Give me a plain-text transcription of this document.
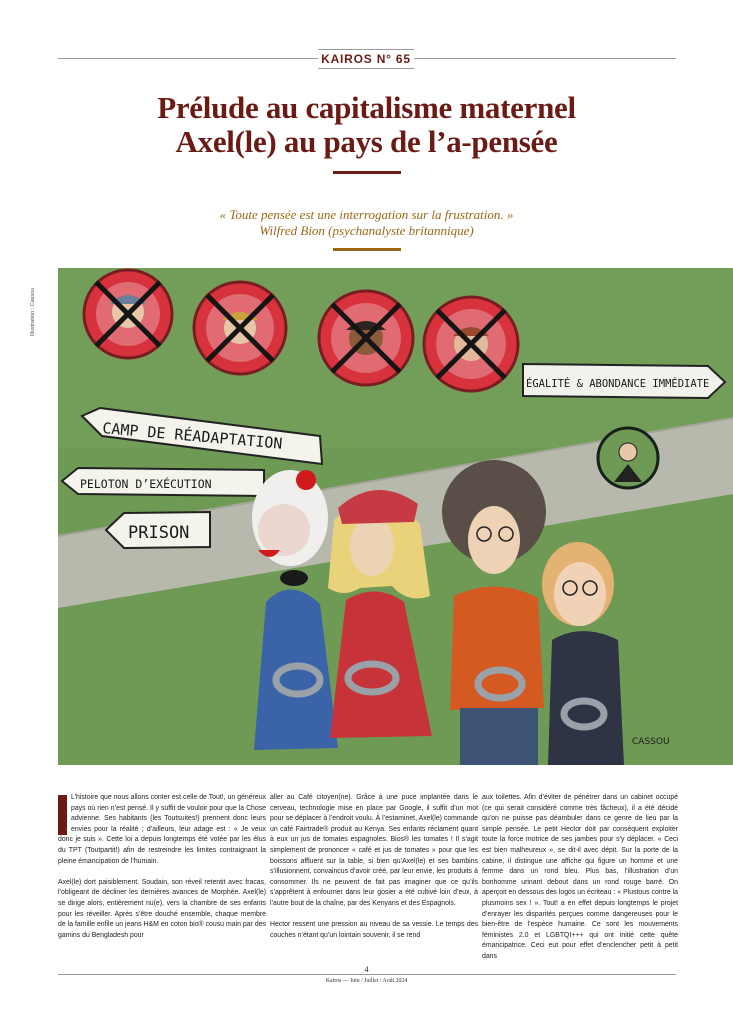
KAIROS N° 65
Prélude au capitalisme maternel
Axel(le) au pays de l’a-pensée
« Toute pensée est une interrogation sur la frustration. »
Wilfred Bion (psychanalyste britannique)
Illustration : Cassou
ÉGALITÉ & ABONDANCE IMMÉDIATE
CAMP DE RÉADAPTATION
PELOTON D’EXÉCUTION
PRISON
CASSOU

L’histoire que nous allons conter est celle de Tout!, un généreux pays où rien n’est pensé. Il y suffit de vouloir pour que la Chose advienne. Ses habitants (les Toutsuites!) prennent donc leurs envies pour la réalité ; d’ailleurs, leur adage est : « Je veux donc je suis ». Cette loi a depuis longtemps été votée par les élus du TPT (Toutpartit!) afin de restreindre les limites contraignant la pleine émancipation de l’humain.

Axel(le) dort paisiblement. Soudain, son réveil retentit avec fracas, l’obligeant de décliner les dernières avances de Morphée. Axel(le) se dirige alors, entièrement nu(e), vers la chambre de ses enfants pour les réveiller. Après s’être douché ensemble, chaque membre de la famille enfile un jeans H&M en coton bio® cousu main par des gamins du Bengladesh pour

aller au Café citoyen(ne). Grâce à une puce implantée dans le cerveau, technologie mise en place par Google, il suffit d’un mot pour se déplacer à l’endroit voulu. À l’estaminet, Axel(le) commande un café Fairtrade® produit au Kenya. Ses enfants réclament quant à eux un jus de tomates espagnoles. Bios® les tomates ! Il s’agit simplement de prononcer « café et jus de tomates » pour que les boissons affluent sur la table, si bien qu’Axel(le) et ses bambins s’illusionnent, convaincus d’avoir créé, par leur envie, les produits à consommer. Ils ne peuvent de fait pas imaginer que ce qu’ils s’apprêtent à enfourner dans leur gosier a été cultivé loin d’eux, à l’autre bout de la chaîne, par des Kenyans et des Espagnols.

Hector ressent une pression au niveau de sa vessie. Le temps des couches n’étant qu’un lointain souvenir, il se rend

aux toilettes. Afin d’éviter de pénétrer dans un cabinet occupé (ce qui serait considéré comme très fâcheux), il a été décidé qu’on ne puisse pas déambuler dans ce genre de lieu par la simple pensée. Le petit Hector doit par conséquent exploiter toute la force motrice de ses jambes pour s’y déplacer. « Ceci est bien malheureux », se dit-il avec dépit. Sur la porte de la cabine, il distingue une affiche qui figure un homme et une femme dans un rond bleu. Plus bas, l’illustration d’un bonhomme urinant debout dans un rond rouge barré. On aperçoit en dessous des logos un écriteau : « Plustous contre la plusmoins sex ! ». Tout! a en effet depuis longtemps le projet d’enrayer les disparités perçues comme dangereuses pour le bien-être de l’espèce humaine. Ce sont les mouvements féministes 2.0 et LGBTQI+++ qui ont initié cette quête émancipatrice. Ceci eut pour effet d’enclencher petit à petit dans

4
Kairos — Juin / Juillet / Août 2024
